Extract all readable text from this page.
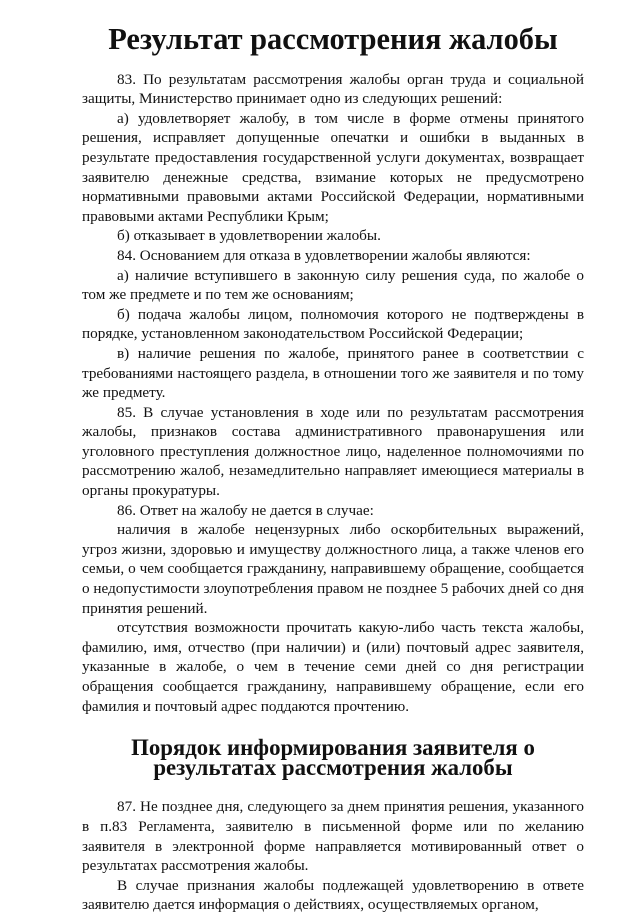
Результат рассмотрения жалобы

83. По результатам рассмотрения жалобы орган труда и социальной защиты, Министерство принимает одно из следующих решений:

а) удовлетворяет жалобу, в том числе в форме отмены принятого решения, исправляет допущенные опечатки и ошибки в выданных в результате предоставления государственной услуги документах, возвращает заявителю денежные средства, взимание которых не предусмотрено нормативными правовыми актами Российской Федерации, нормативными правовыми актами Республики Крым;

б) отказывает в удовлетворении жалобы.

84. Основанием для отказа в удовлетворении жалобы являются:

а) наличие вступившего в законную силу решения суда, по жалобе о том же предмете и по тем же основаниям;

б) подача жалобы лицом, полномочия которого не подтверждены в порядке, установленном законодательством Российской Федерации;

в) наличие решения по жалобе, принятого ранее в соответствии с требованиями настоящего раздела, в отношении того же заявителя и по тому же предмету.

85. В случае установления в ходе или по результатам рассмотрения жалобы, признаков состава административного правонарушения или уголовного преступления должностное лицо, наделенное полномочиями по рассмотрению жалоб, незамедлительно направляет имеющиеся материалы в органы прокуратуры.

86. Ответ на жалобу не дается в случае:

наличия в жалобе нецензурных либо оскорбительных выражений, угроз жизни, здоровью и имуществу должностного лица, а также членов его семьи, о чем сообщается гражданину, направившему обращение, сообщается о недопустимости злоупотребления правом не позднее 5 рабочих дней со дня принятия решений.

отсутствия возможности прочитать какую-либо часть текста жалобы, фамилию, имя, отчество (при наличии) и (или) почтовый адрес заявителя, указанные в жалобе, о чем в течение семи дней со дня регистрации обращения сообщается гражданину, направившему обращение, если его фамилия и почтовый адрес поддаются прочтению.

Порядок информирования заявителя о результатах рассмотрения жалобы

87. Не позднее дня, следующего за днем принятия решения, указанного в п.83 Регламента, заявителю в письменной форме или по желанию заявителя в электронной форме направляется мотивированный ответ о результатах рассмотрения жалобы.

В случае признания жалобы подлежащей удовлетворению в ответе заявителю дается информация о действиях, осуществляемых органом,
